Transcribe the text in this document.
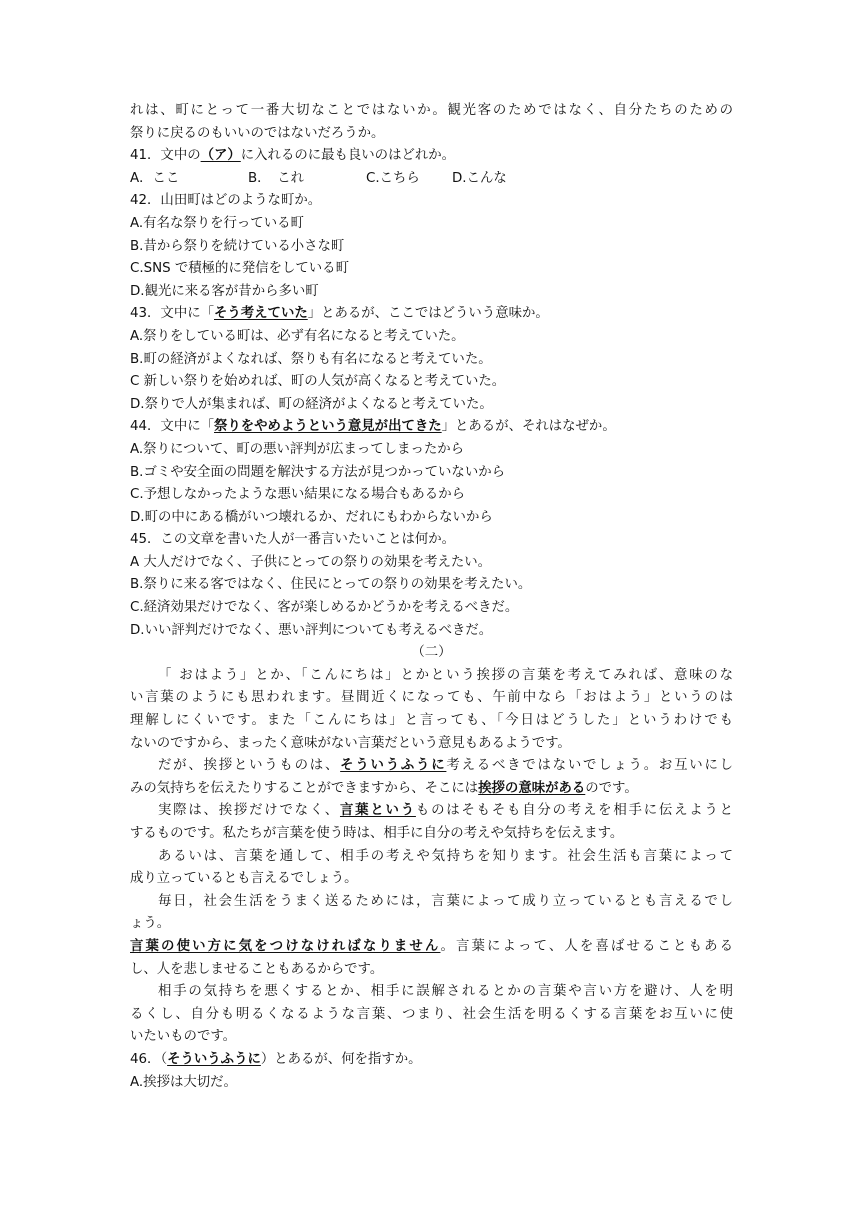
れは、町にとって一番大切なことではないか。観光客のためではなく、自分たちのための
祭りに戻るのもいいのではないだろうか。
41．文中の（ア）に入れるのに最も良いのはどれか。
A．ここ	B．　これ	C.こちら D.こんな
42．山田町はどのような町か。
A.有名な祭りを行っている町
B.昔から祭りを続けている小さな町
C.SNS で積極的に発信をしている町
D.観光に来る客が昔から多い町
43．文中に「そう考えていた」とあるが、ここではどういう意味か。
A.祭りをしている町は、必ず有名になると考えていた。
B.町の経済がよくなれば、祭りも有名になると考えていた。
C 新しい祭りを始めれば、町の人気が高くなると考えていた。
D.祭りで人が集まれば、町の経済がよくなると考えていた。
44．文中に「祭りをやめようという意見が出てきた」とあるが、それはなぜか。
A.祭りについて、町の悪い評判が広まってしまったから
B.ゴミや安全面の問題を解決する方法が見つかっていないから
C.予想しなかったような悪い結果になる場合もあるから
D.町の中にある橋がいつ壊れるか、だれにもわからないから
45．この文章を書いた人が一番言いたいことは何か。
A 大人だけでなく、子供にとっての祭りの効果を考えたい。
B.祭りに来る客ではなく、住民にとっての祭りの効果を考えたい。
C.経済効果だけでなく、客が楽しめるかどうかを考えるべきだ。
D.いい評判だけでなく、悪い評判についても考えるべきだ。
（二）
「 おはよう」とか、「こんにちは」とかという挨拶の言葉を考えてみれば、意味のな
い言葉のようにも思われます。昼間近くになっても、午前中なら「おはよう」というのは
理解しにくいです。また「こんにちは」と言っても、「今日はどうした」というわけでも
ないのですから、まったく意味がない言葉だという意見もあるようです。
だが、挨拶というものは、そういうふうに考えるべきではないでしょう。お互いにし
みの気持ちを伝えたりすることができますから、そこには挨拶の意味があるのです。
実際は、挨拶だけでなく、言葉というものはそもそも自分の考えを相手に伝えようと
するものです。私たちが言葉を使う時は、相手に自分の考えや気持ちを伝えます。
あるいは、言葉を通して、相手の考えや気持ちを知ります。社会生活も言葉によって
成り立っているとも言えるでしょう。
毎日，社会生活をうまく送るためには，言葉によって成り立っているとも言えるでし
ょう。
言葉の使い方に気をつけなければなりません。言葉によって、人を喜ばせることもある
し、人を悲しませることもあるからです。
相手の気持ちを悪くするとか、相手に誤解されるとかの言葉や言い方を避け、人を明
るくし、自分も明るくなるような言葉、つまり、社会生活を明るくする言葉をお互いに使
いたいものです。
46．（そういうふうに）とあるが、何を指すか。
A.挨拶は大切だ。
